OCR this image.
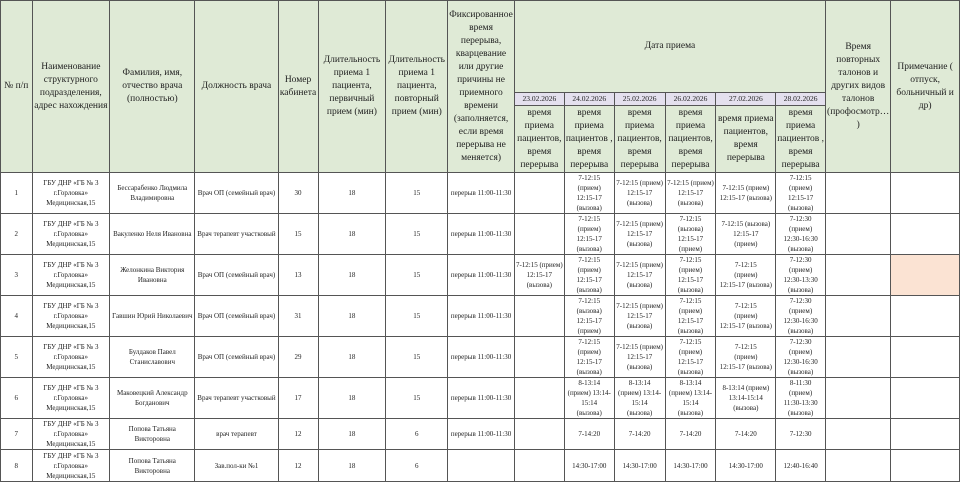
№ п/п	Наименование структурного подразделения, адрес нахождения	Фамилия, имя, отчество врача (полностью)	Должность врача	Номер кабинета	Длительность приема 1 пациента, первичный прием (мин)	Длительность приема 1 пациента, повторный прием (мин)	Фиксированное время перерыва, кварцевание или другие причины не приемного времени (заполняется, если время перерыва не меняется)	Дата приема						Время повторных талонов и других видов талонов (профосмотр… )	Примечание ( отпуск, больничный и др)
								23.02.2026	24.02.2026	25.02.2026	26.02.2026	27.02.2026	28.02.2026		
								время приема пациентов, время перерыва	время приема пациентов , время перерыва	время приема пациентов, время перерыва	время приема пациентов, время перерыва	время приема пациентов, время перерыва	время приема пациентов , время перерыва		
1	ГБУ ДНР «ГБ № 3 г.Горловка» Медицинская,15	Бессарабенко Людмила Владимировна	Врач ОП (семейный врач)	30	18	15	перерыв 11:00-11:30		7-12:15
(прием)
12:15-17
(вызова)	7-12:15 (прием)
12:15-17
(вызова)	7-12:15 (прием)
12:15-17
(вызова)	7-12:15 (прием)
12:15-17 (вызова)	7-12:15
(прием)
12:15-17
(вызова)		
2	ГБУ ДНР «ГБ № 3 г.Горловка» Медицинская,15	Вакуленко Неля Ивановна	Врач терапевт участковый	15	18	15	перерыв 11:00-11:30		7-12:15
(прием)
12:15-17
(вызова)	7-12:15 (прием)
12:15-17
(вызова)	7-12:15
(вызова)
12:15-17
(прием)	7-12:15 (вызова)
12:15-17
(прием)	7-12:30
(прием)
12:30-16:30
(вызова)		
3	ГБУ ДНР «ГБ № 3 г.Горловка» Медицинская,15	Желонкина Виктория Ивановна	Врач ОП (семейный врач)	13	18	15	перерыв 11:00-11:30	7-12:15 (прием)
12:15-17
(вызова)	7-12:15
(прием)
12:15-17
(вызова)	7-12:15 (прием)
12:15-17
(вызова)	7-12:15
(прием)
12:15-17
(вызова)	7-12:15
(прием)
12:15-17 (вызова)	7-12:30
(прием)
12:30-13:30
(вызова)		
4	ГБУ ДНР «ГБ № 3 г.Горловка» Медицинская,15	Гавшин Юрий Николаевич	Врач ОП (семейный врач)	31	18	15	перерыв 11:00-11:30		7-12:15
(вызова)
12:15-17
(прием)	7-12:15 (прием)
12:15-17
(вызова)	7-12:15
(прием)
12:15-17
(вызова)	7-12:15
(прием)
12:15-17 (вызова)	7-12:30
(прием)
12:30-16:30
(вызова)		
5	ГБУ ДНР «ГБ № 3 г.Горловка» Медицинская,15	Булдаков Павел Станиславович	Врач ОП (семейный врач)	29	18	15	перерыв 11:00-11:30		7-12:15
(прием)
12:15-17
(вызова)	7-12:15 (прием)
12:15-17
(вызова)	7-12:15
(прием)
12:15-17
(вызова)	7-12:15
(прием)
12:15-17 (вызова)	7-12:30
(прием)
12:30-16:30
(вызова)		
6	ГБУ ДНР «ГБ № 3 г.Горловка» Медицинская,15	Маковецкий Александр Богданович	Врач терапевт участковый	17	18	15	перерыв 11:00-11:30		8-13:14
(прием) 13:14-
15:14
(вызова)	8-13:14
(прием) 13:14-
15:14
(вызова)	8-13:14
(прием) 13:14-
15:14
(вызова)	8-13:14 (прием)
13:14-15:14
(вызова)	8-11:30
(прием)
11:30-13:30
(вызова)		
7	ГБУ ДНР «ГБ № 3 г.Горловка» Медицинская,15	Попова Татьяна Викторовна	врач терапевт	12	18	6	перерыв 11:00-11:30		7-14:20	7-14:20	7-14:20	7-14:20	7-12:30		
8	ГБУ ДНР «ГБ № 3 г.Горловка» Медицинская,15	Попова Татьяна Викторовна	Зав.пол-ки №1	12	18	6			14:30-17:00	14:30-17:00	14:30-17:00	14:30-17:00	12:40-16:40		
